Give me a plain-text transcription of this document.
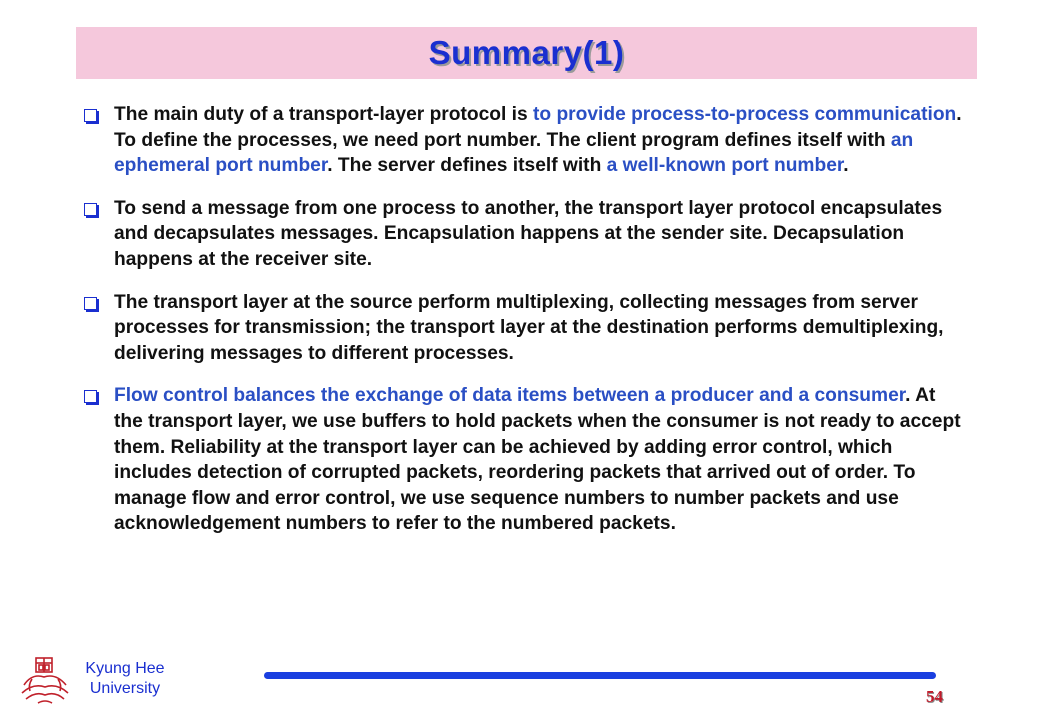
Summary(1)
The main duty of a transport-layer protocol is to provide process-to-process communication. To define the processes, we need port number. The client program defines itself with an ephemeral port number. The server defines itself with a well-known port number.
To send a message from one process to another, the transport layer protocol encapsulates and decapsulates messages. Encapsulation happens at the sender site. Decapsulation happens at the receiver site.
The transport layer at the source perform multiplexing, collecting messages from server processes for transmission; the transport layer at the destination performs demultiplexing, delivering messages to different processes.
Flow control balances the exchange of data items between a producer and a consumer. At the transport layer, we use buffers to hold packets when the consumer is not ready to accept them. Reliability at the transport layer can be achieved by adding error control, which includes detection of corrupted packets, reordering packets that arrived out of order. To manage flow and error control, we use sequence numbers to number packets and use acknowledgement numbers to refer to the numbered packets.
Kyung Hee
University	54
